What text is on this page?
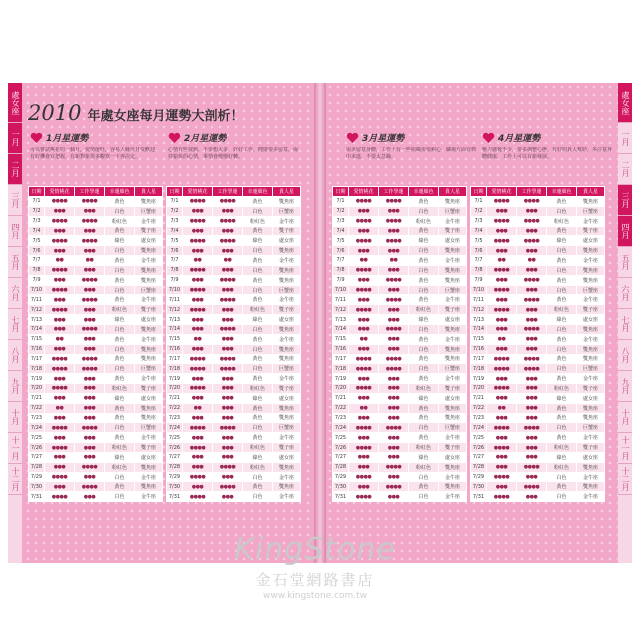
處女座
一月
二月
三月
四月
五月
六月
七月
八月
九月
十月
十一月
十二月
2010 年處女座每月運勢大剖析！
1月星運勢
可以嘗試桃花的一個月，愛情運旺，容易人緣佳且受歡迎，有好機會宜把握，有新對象要多觀察一下再決定。
2月星運勢
心情有些波動，不要想太多，好好工作，健康要多留意，保持愉快的心情，事情會慢慢好轉。
日期	愛情桃花	工作學運	幸運顏色	貴人星
7/1	●●●●	●●●●	黃色	雙魚座
7/2	●●●	●●●	白色	巨蟹座
7/3	●●●●	●●●●	粉紅色	金牛座
7/4	●●●	●●●	黃色	雙子座
7/5	●●●●	●●●●	綠色	處女座
7/6	●●●	●●●	白色	雙魚座
7/7	●●	●●	黃色	金牛座
7/8	●●●●	●●●	白色	雙魚座
7/9	●●●	●●●●	黃色	雙魚座
7/10	●●●●	●●●	白色	巨蟹座
7/11	●●●	●●●●	黃色	金牛座
7/12	●●●●	●●●	粉紅色	雙子座
7/13	●●●	●●●	綠色	處女座
7/14	●●●	●●●●	白色	雙魚座
7/15	●●	●●●	黃色	金牛座
7/16	●●●	●●●	白色	雙魚座
7/17	●●●●	●●●●	黃色	雙魚座
7/18	●●●●	●●●●	白色	巨蟹座
7/19	●●●	●●●	黃色	金牛座
7/20	●●●●	●●●	粉紅色	雙子座
7/21	●●●	●●●	綠色	處女座
7/22	●●	●●●	黃色	雙魚座
7/23	●●●	●●●	黃色	雙魚座
7/24	●●●●	●●●●	白色	巨蟹座
7/25	●●●	●●●	黃色	金牛座
7/26	●●●●	●●●	粉紅色	雙子座
7/27	●●●	●●●	綠色	處女座
7/28	●●●	●●●●	粉紅色	雙魚座
7/29	●●●●	●●●	白色	金牛座
7/30	●●●	●●●●	黃色	雙魚座
7/31	●●●●	●●●	白色	金牛座
日期	愛情桃花	工作學運	幸運顏色	貴人星
7/1	●●●●	●●●●	黃色	雙魚座
7/2	●●●	●●●	白色	巨蟹座
7/3	●●●●	●●●●	粉紅色	金牛座
7/4	●●●	●●●	黃色	雙子座
7/5	●●●●	●●●●	綠色	處女座
7/6	●●●	●●●	白色	雙魚座
7/7	●●	●●	黃色	金牛座
7/8	●●●●	●●●	白色	雙魚座
7/9	●●●	●●●●	黃色	雙魚座
7/10	●●●●	●●●	白色	巨蟹座
7/11	●●●	●●●●	黃色	金牛座
7/12	●●●●	●●●	粉紅色	雙子座
7/13	●●●	●●●	綠色	處女座
7/14	●●●	●●●●	白色	雙魚座
7/15	●●	●●●	黃色	金牛座
7/16	●●●	●●●	白色	雙魚座
7/17	●●●●	●●●●	黃色	雙魚座
7/18	●●●●	●●●●	白色	巨蟹座
7/19	●●●	●●●	黃色	金牛座
7/20	●●●●	●●●	粉紅色	雙子座
7/21	●●●	●●●	綠色	處女座
7/22	●●	●●●	黃色	雙魚座
7/23	●●●	●●●	黃色	雙魚座
7/24	●●●●	●●●●	白色	巨蟹座
7/25	●●●	●●●	黃色	金牛座
7/26	●●●●	●●●	粉紅色	雙子座
7/27	●●●	●●●	綠色	處女座
7/28	●●●	●●●●	粉紅色	雙魚座
7/29	●●●●	●●●	白色	金牛座
7/30	●●●	●●●●	黃色	雙魚座
7/31	●●●●	●●●	白色	金牛座
處女座
一月
二月
三月
四月
五月
六月
七月
八月
九月
十月
十一月
十二月
3月星運勢
需多留意身體，工作上有一些阻礙需要耐心，職場方面宜穩中求進，不要太急躁。
4月星運勢
壓力感覺不少，要多調整心態，有好的貴人幫助，多注意身體健康，工作上可以有新發展。
日期	愛情桃花	工作學運	幸運顏色	貴人星
7/1	●●●●	●●●●	黃色	雙魚座
7/2	●●●	●●●	白色	巨蟹座
7/3	●●●●	●●●●	粉紅色	金牛座
7/4	●●●	●●●	黃色	雙子座
7/5	●●●●	●●●●	綠色	處女座
7/6	●●●	●●●	白色	雙魚座
7/7	●●	●●	黃色	金牛座
7/8	●●●●	●●●	白色	雙魚座
7/9	●●●	●●●●	黃色	雙魚座
7/10	●●●●	●●●	白色	巨蟹座
7/11	●●●	●●●●	黃色	金牛座
7/12	●●●●	●●●	粉紅色	雙子座
7/13	●●●	●●●	綠色	處女座
7/14	●●●	●●●●	白色	雙魚座
7/15	●●	●●●	黃色	金牛座
7/16	●●●	●●●	白色	雙魚座
7/17	●●●●	●●●●	黃色	雙魚座
7/18	●●●●	●●●●	白色	巨蟹座
7/19	●●●	●●●	黃色	金牛座
7/20	●●●●	●●●	粉紅色	雙子座
7/21	●●●	●●●	綠色	處女座
7/22	●●	●●●	黃色	雙魚座
7/23	●●●	●●●	黃色	雙魚座
7/24	●●●●	●●●●	白色	巨蟹座
7/25	●●●	●●●	黃色	金牛座
7/26	●●●●	●●●	粉紅色	雙子座
7/27	●●●	●●●	綠色	處女座
7/28	●●●	●●●●	粉紅色	雙魚座
7/29	●●●●	●●●	白色	金牛座
7/30	●●●	●●●●	黃色	雙魚座
7/31	●●●●	●●●	白色	金牛座
日期	愛情桃花	工作學運	幸運顏色	貴人星
7/1	●●●●	●●●●	黃色	雙魚座
7/2	●●●	●●●	白色	巨蟹座
7/3	●●●●	●●●●	粉紅色	金牛座
7/4	●●●	●●●	黃色	雙子座
7/5	●●●●	●●●●	綠色	處女座
7/6	●●●	●●●	白色	雙魚座
7/7	●●	●●	黃色	金牛座
7/8	●●●●	●●●	白色	雙魚座
7/9	●●●	●●●●	黃色	雙魚座
7/10	●●●●	●●●	白色	巨蟹座
7/11	●●●	●●●●	黃色	金牛座
7/12	●●●●	●●●	粉紅色	雙子座
7/13	●●●	●●●	綠色	處女座
7/14	●●●	●●●●	白色	雙魚座
7/15	●●	●●●	黃色	金牛座
7/16	●●●	●●●	白色	雙魚座
7/17	●●●●	●●●●	黃色	雙魚座
7/18	●●●●	●●●●	白色	巨蟹座
7/19	●●●	●●●	黃色	金牛座
7/20	●●●●	●●●	粉紅色	雙子座
7/21	●●●	●●●	綠色	處女座
7/22	●●	●●●	黃色	雙魚座
7/23	●●●	●●●	黃色	雙魚座
7/24	●●●●	●●●●	白色	巨蟹座
7/25	●●●	●●●	黃色	金牛座
7/26	●●●●	●●●	粉紅色	雙子座
7/27	●●●	●●●	綠色	處女座
7/28	●●●	●●●●	粉紅色	雙魚座
7/29	●●●●	●●●	白色	金牛座
7/30	●●●	●●●●	黃色	雙魚座
7/31	●●●●	●●●	白色	金牛座
KingStone
金石堂網路書店
www.kingstone.com.tw
